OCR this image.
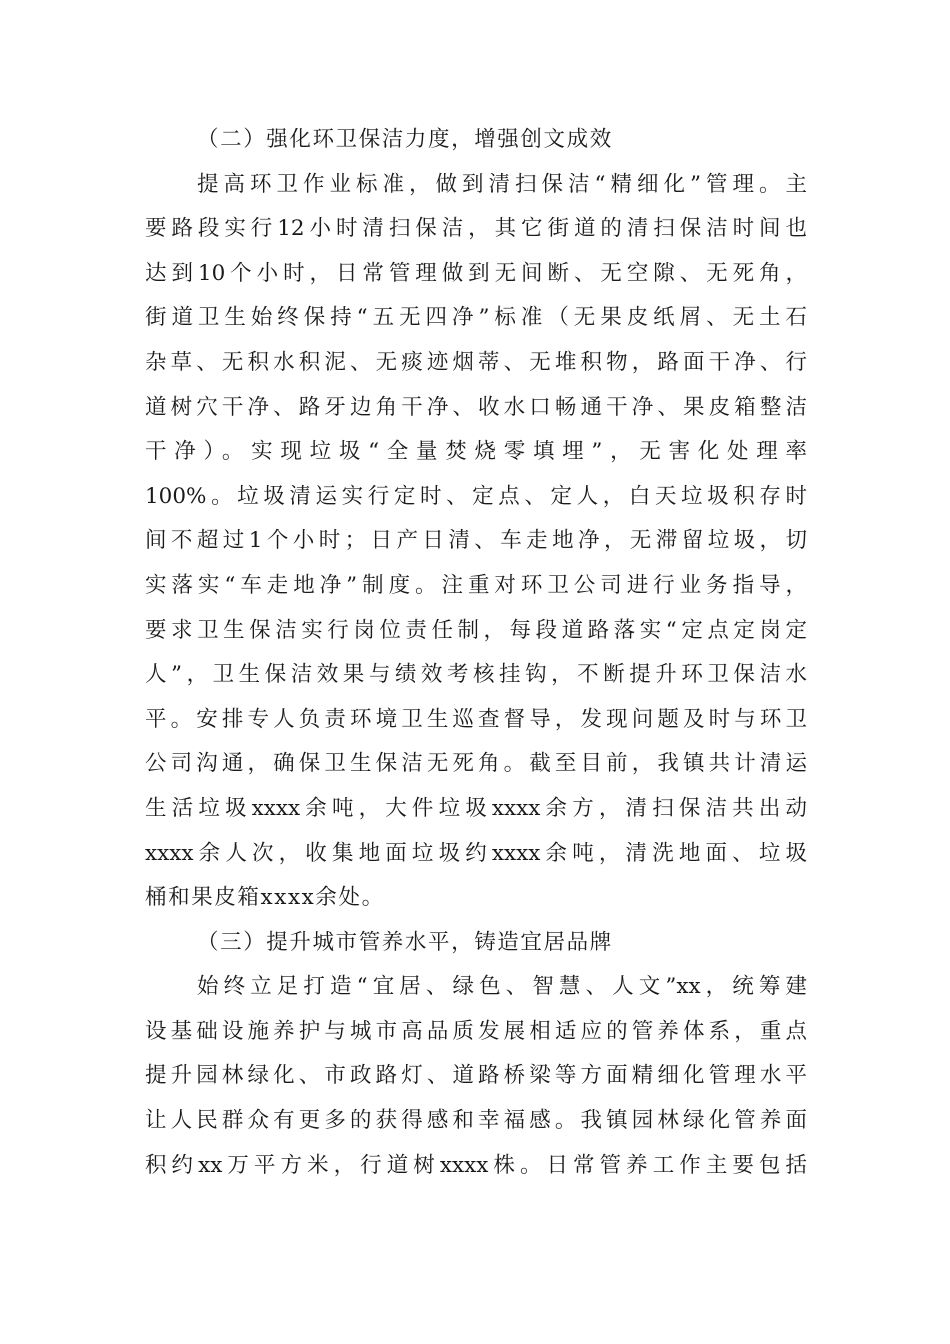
（二）强化环卫保洁力度，增强创文成效

提高环卫作业标准，做到清扫保洁“精细化”管理。主

要路段实行12小时清扫保洁，其它街道的清扫保洁时间也

达到10个小时，日常管理做到无间断、无空隙、无死角，

街道卫生始终保持“五无四净”标准（无果皮纸屑、无土石

杂草、无积水积泥、无痰迹烟蒂、无堆积物，路面干净、行

道树穴干净、路牙边角干净、收水口畅通干净、果皮箱整洁

干净）。实现垃圾“全量焚烧零填埋”，无害化处理率

100%。垃圾清运实行定时、定点、定人，白天垃圾积存时

间不超过1个小时；日产日清、车走地净，无滞留垃圾，切

实落实“车走地净”制度。注重对环卫公司进行业务指导，

要求卫生保洁实行岗位责任制，每段道路落实“定点定岗定

人”，卫生保洁效果与绩效考核挂钩，不断提升环卫保洁水

平。安排专人负责环境卫生巡查督导，发现问题及时与环卫

公司沟通，确保卫生保洁无死角。截至目前，我镇共计清运

生活垃圾xxxx余吨，大件垃圾xxxx余方，清扫保洁共出动

xxxx余人次，收集地面垃圾约xxxx余吨，清洗地面、垃圾

桶和果皮箱xxxx余处。

（三）提升城市管养水平，铸造宜居品牌

始终立足打造“宜居、绿色、智慧、人文”xx，统筹建

设基础设施养护与城市高品质发展相适应的管养体系，重点

提升园林绿化、市政路灯、道路桥梁等方面精细化管理水平

让人民群众有更多的获得感和幸福感。我镇园林绿化管养面

积约xx万平方米，行道树xxxx株。日常管养工作主要包括
